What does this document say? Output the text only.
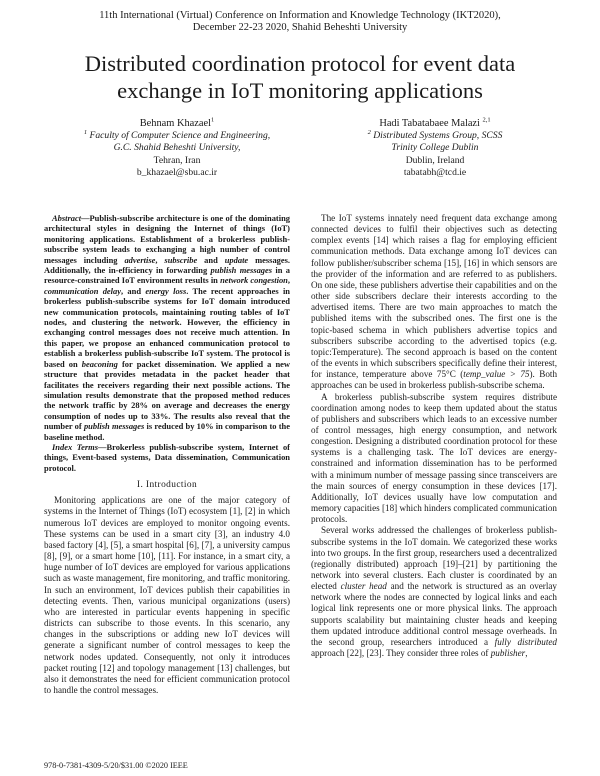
11th International (Virtual) Conference on Information and Knowledge Technology (IKT2020),
December 22-23 2020, Shahid Beheshti University
Distributed coordination protocol for event data
exchange in IoT monitoring applications
Behnam Khazael$^1$
$^1$ Faculty of Computer Science and Engineering,
G.C. Shahid Beheshti University,
Tehran, Iran
b_khazael@sbu.ac.ir
Hadi Tabatabaee Malazi $^{2,1}$
$^2$ Distributed Systems Group, SCSS
Trinity College Dublin
Dublin, Ireland
tabatabh@tcd.ie

Abstract—Publish-subscribe architecture is one of the dominating architectural styles in designing the Internet of things (IoT) monitoring applications. Establishment of a brokerless publish-subscribe system leads to exchanging a high number of control messages including advertise, subscribe and update messages. Additionally, the in-efficiency in forwarding publish messages in a resource-constrained IoT environment results in network congestion, communication delay, and energy loss. The recent approaches in brokerless publish-subscribe systems for IoT domain introduced new communication protocols, maintaining routing tables of IoT nodes, and clustering the network. However, the efficiency in exchanging control messages does not receive much attention. In this paper, we propose an enhanced communication protocol to establish a brokerless publish-subscribe IoT system. The protocol is based on beaconing for packet dissemination. We applied a new structure that provides metadata in the packet header that facilitates the receivers regarding their next possible actions. The simulation results demonstrate that the proposed method reduces the network traffic by 28% on average and decreases the energy consumption of nodes up to 33%. The results also reveal that the number of publish messages is reduced by 10% in comparison to the baseline method.

Index Terms—Brokerless publish-subscribe system, Internet of things, Event-based systems, Data dissemination, Communication protocol.

I. Introduction

Monitoring applications are one of the major category of systems in the Internet of Things (IoT) ecosystem [1], [2] in which numerous IoT devices are employed to monitor ongoing events. These systems can be used in a smart city [3], an industry 4.0 based factory [4], [5], a smart hospital [6], [7], a university campus [8], [9], or a smart home [10], [11]. For instance, in a smart city, a huge number of IoT devices are employed for various applications such as waste management, fire monitoring, and traffic monitoring. In such an environment, IoT devices publish their capabilities in detecting events. Then, various municipal organizations (users) who are interested in particular events happening in specific districts can subscribe to those events. In this scenario, any changes in the subscriptions or adding new IoT devices will generate a significant number of control messages to keep the network nodes updated. Consequently, not only it introduces packet routing [12] and topology management [13] challenges, but also it demonstrates the need for efficient communication protocol to handle the control messages.

The IoT systems innately need frequent data exchange among connected devices to fulfil their objectives such as detecting complex events [14] which raises a flag for employing efficient communication methods. Data exchange among IoT devices can follow publisher/subscriber schema [15], [16] in which sensors are the provider of the information and are referred to as publishers. On one side, these publishers advertise their capabilities and on the other side subscribers declare their interests according to the advertised items. There are two main approaches to match the published items with the subscribed ones. The first one is the topic-based schema in which publishers advertise topics and subscribers subscribe according to the advertised topics (e.g. topic:Temperature). The second approach is based on the content of the events in which subscribers specifically define their interest, for instance, temperature above 75°C (temp_value > 75). Both approaches can be used in brokerless publish-subscribe schema.

A brokerless publish-subscribe system requires distribute coordination among nodes to keep them updated about the status of publishers and subscribers which leads to an excessive number of control messages, high energy consumption, and network congestion. Designing a distributed coordination protocol for these systems is a challenging task. The IoT devices are energy-constrained and information dissemination has to be performed with a minimum number of message passing since transceivers are the main sources of energy consumption in these devices [17]. Additionally, IoT devices usually have low computation and memory capacities [18] which hinders complicated communication protocols.

Several works addressed the challenges of brokerless publish-subscribe systems in the IoT domain. We categorized these works into two groups. In the first group, researchers used a decentralized (regionally distributed) approach [19]–[21] by partitioning the network into several clusters. Each cluster is coordinated by an elected cluster head and the network is structured as an overlay network where the nodes are connected by logical links and each logical link represents one or more physical links. The approach supports scalability but maintaining cluster heads and keeping them updated introduce additional control message overheads. In the second group, researchers introduced a fully distributed approach [22], [23]. They consider three roles of publisher,

978-0-7381-4309-5/20/$31.00 ©2020 IEEE
